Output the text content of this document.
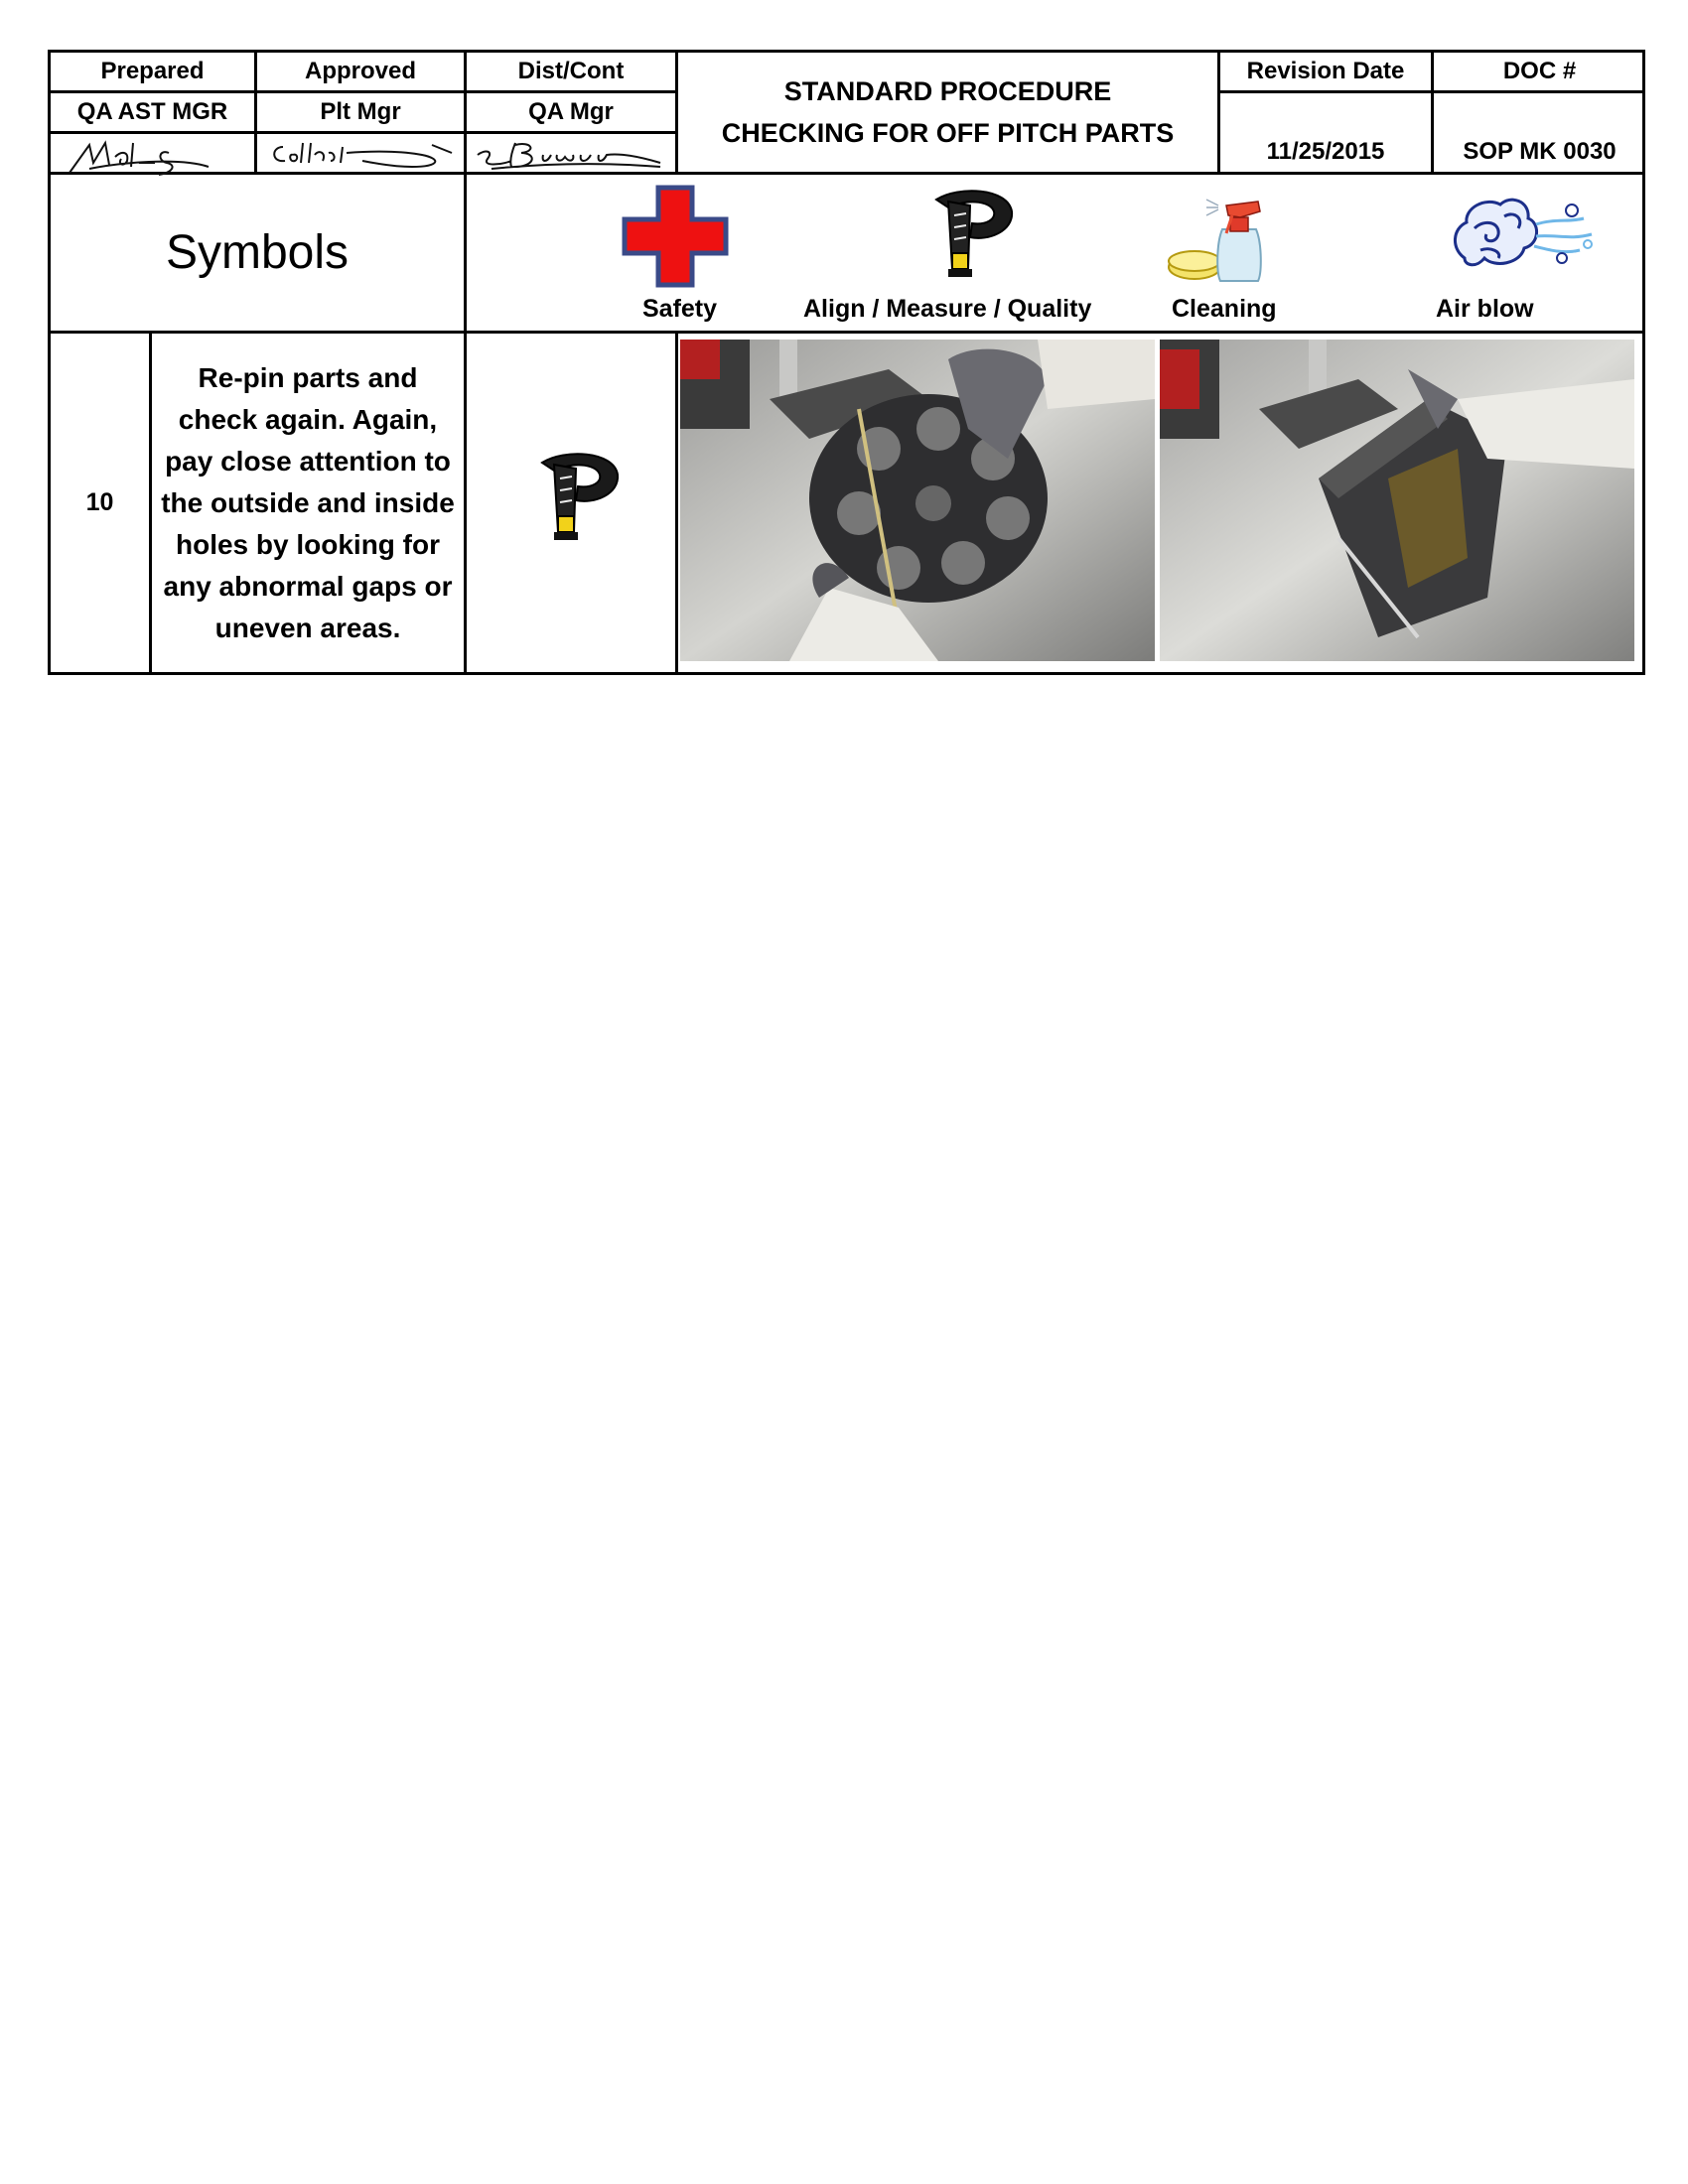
Prepared	Approved	Dist/Cont
QA AST MGR	Plt Mgr	QA Mgr
STANDARD PROCEDURE
CHECKING FOR OFF PITCH PARTS
Revision Date	DOC #
11/25/2015	SOP MK 0030
Symbols
Safety	Align / Measure / Quality	Cleaning	Air blow
10
Re-pin parts and
check again. Again,
pay close attention to
the outside and inside
holes by looking for
any abnormal gaps or
uneven areas.
